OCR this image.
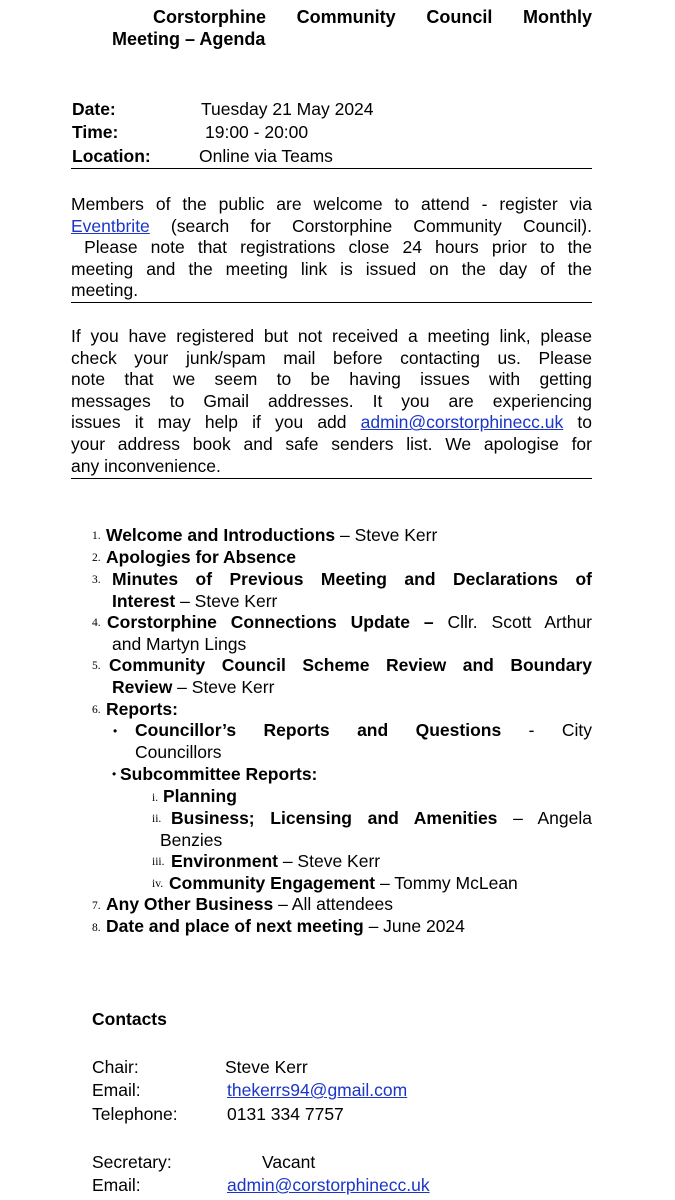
Corstorphine Community Council Monthly
Meeting – Agenda
Date:	Tuesday 21 May 2024
Time:	19:00 - 20:00
Location:	Online via Teams
Members of the public are welcome to attend - register via
Eventbrite (search for Corstorphine Community Council).
Please note that registrations close 24 hours prior to the
meeting and the meeting link is issued on the day of the
meeting.
If you have registered but not received a meeting link, please
check your junk/spam mail before contacting us. Please
note that we seem to be having issues with getting
messages to Gmail addresses. It you are experiencing
issues it may help if you add admin@corstorphinecc.uk to
your address book and safe senders list. We apologise for
any inconvenience.
1. Welcome and Introductions – Steve Kerr
2. Apologies for Absence
3. Minutes of Previous Meeting and Declarations of
Interest – Steve Kerr
4. Corstorphine Connections Update – Cllr. Scott Arthur
and Martyn Lings
5. Community Council Scheme Review and Boundary
Review – Steve Kerr
6. Reports:
• Councillor’s Reports and Questions - City
Councillors
• Subcommittee Reports:
i. Planning
ii. Business; Licensing and Amenities – Angela
Benzies
iii. Environment – Steve Kerr
iv. Community Engagement – Tommy McLean
7. Any Other Business – All attendees
8. Date and place of next meeting – June 2024
Contacts
Chair:	Steve Kerr
Email:	thekerrs94@gmail.com
Telephone:	0131 334 7757
Secretary:	Vacant
Email:	admin@corstorphinecc.uk
